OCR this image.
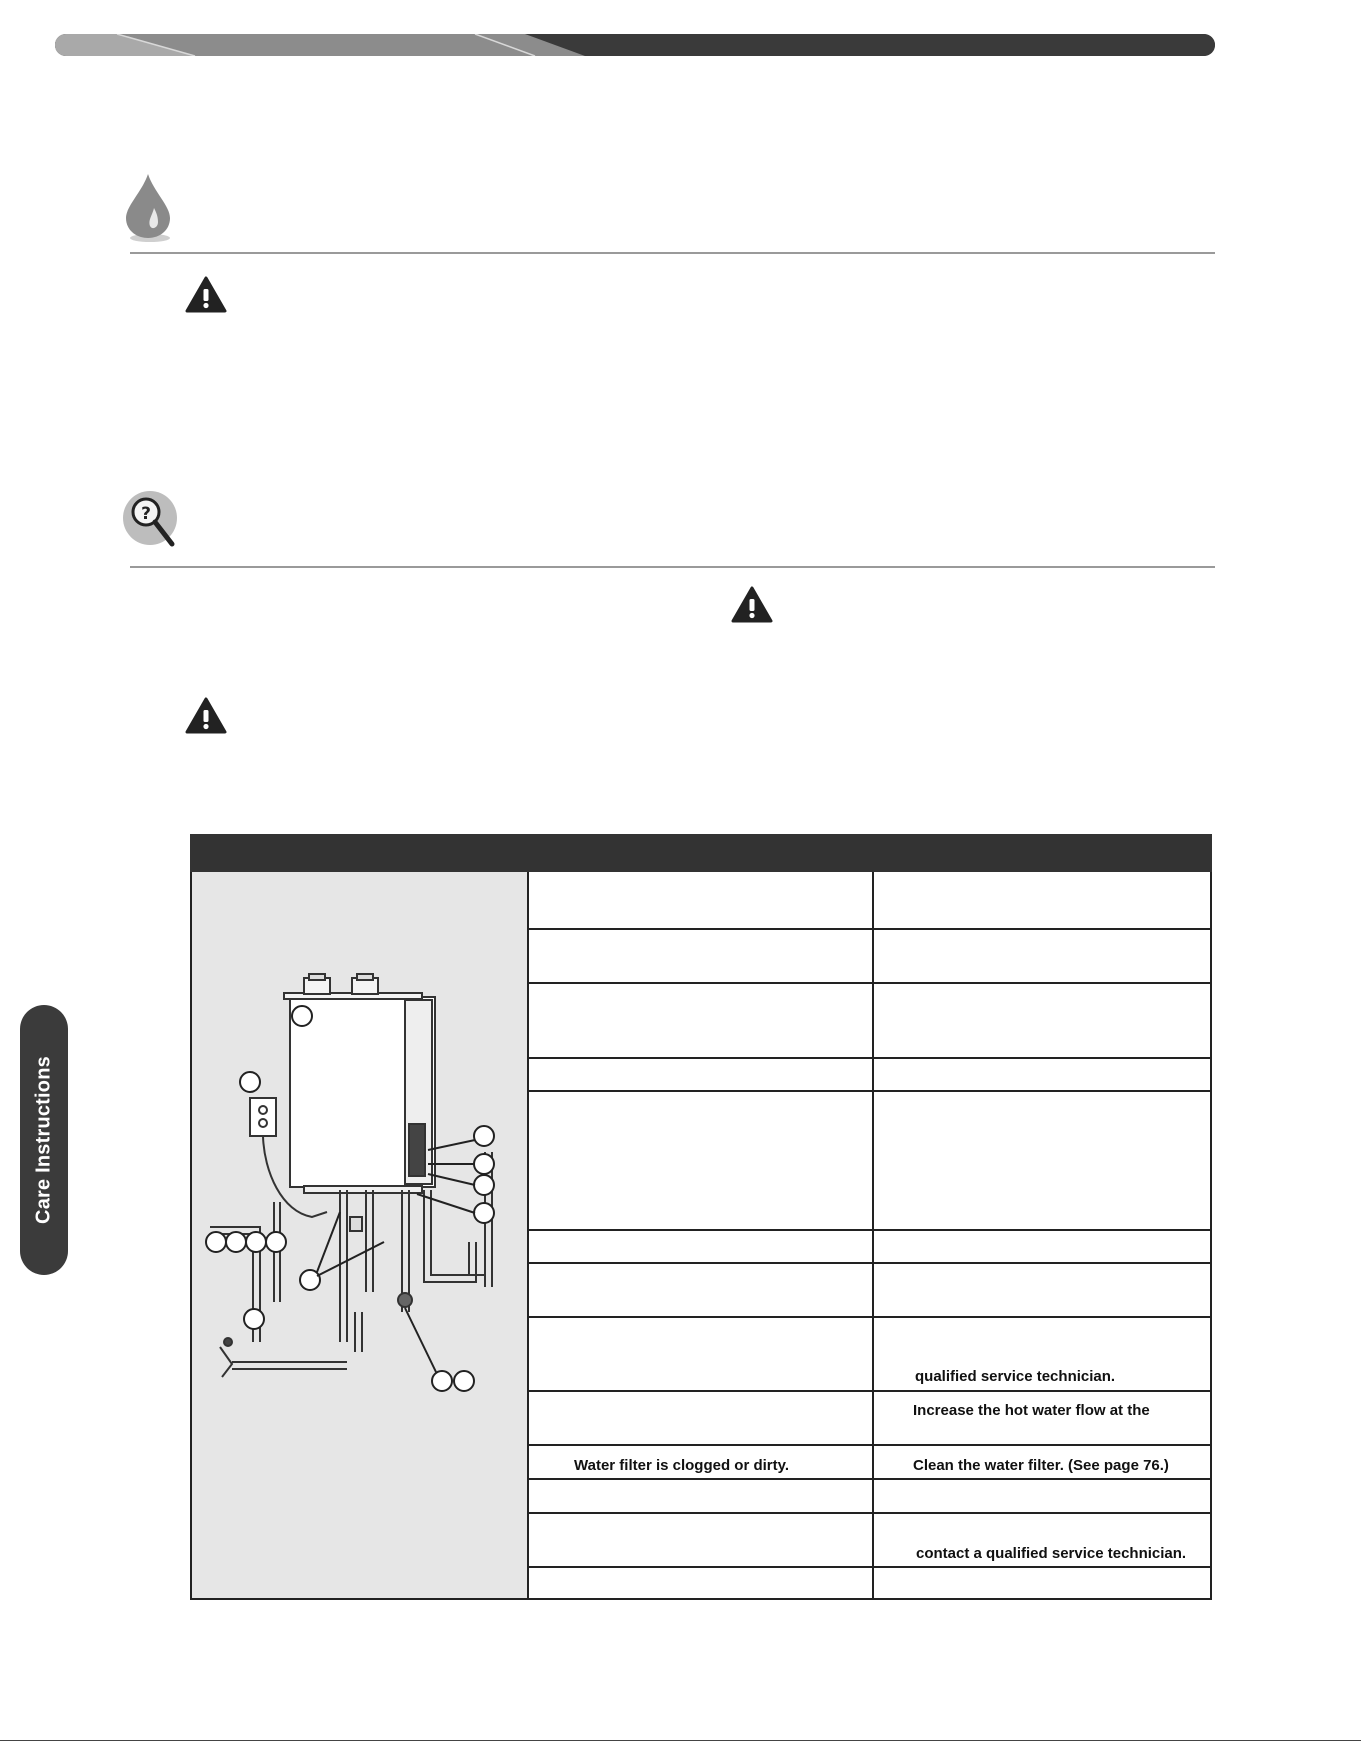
?
Care Instructions
qualified service technician.
Increase the hot water flow at the
Water filter is clogged or dirty.	Clean the water filter. (See page 76.)
contact a qualified service technician.
